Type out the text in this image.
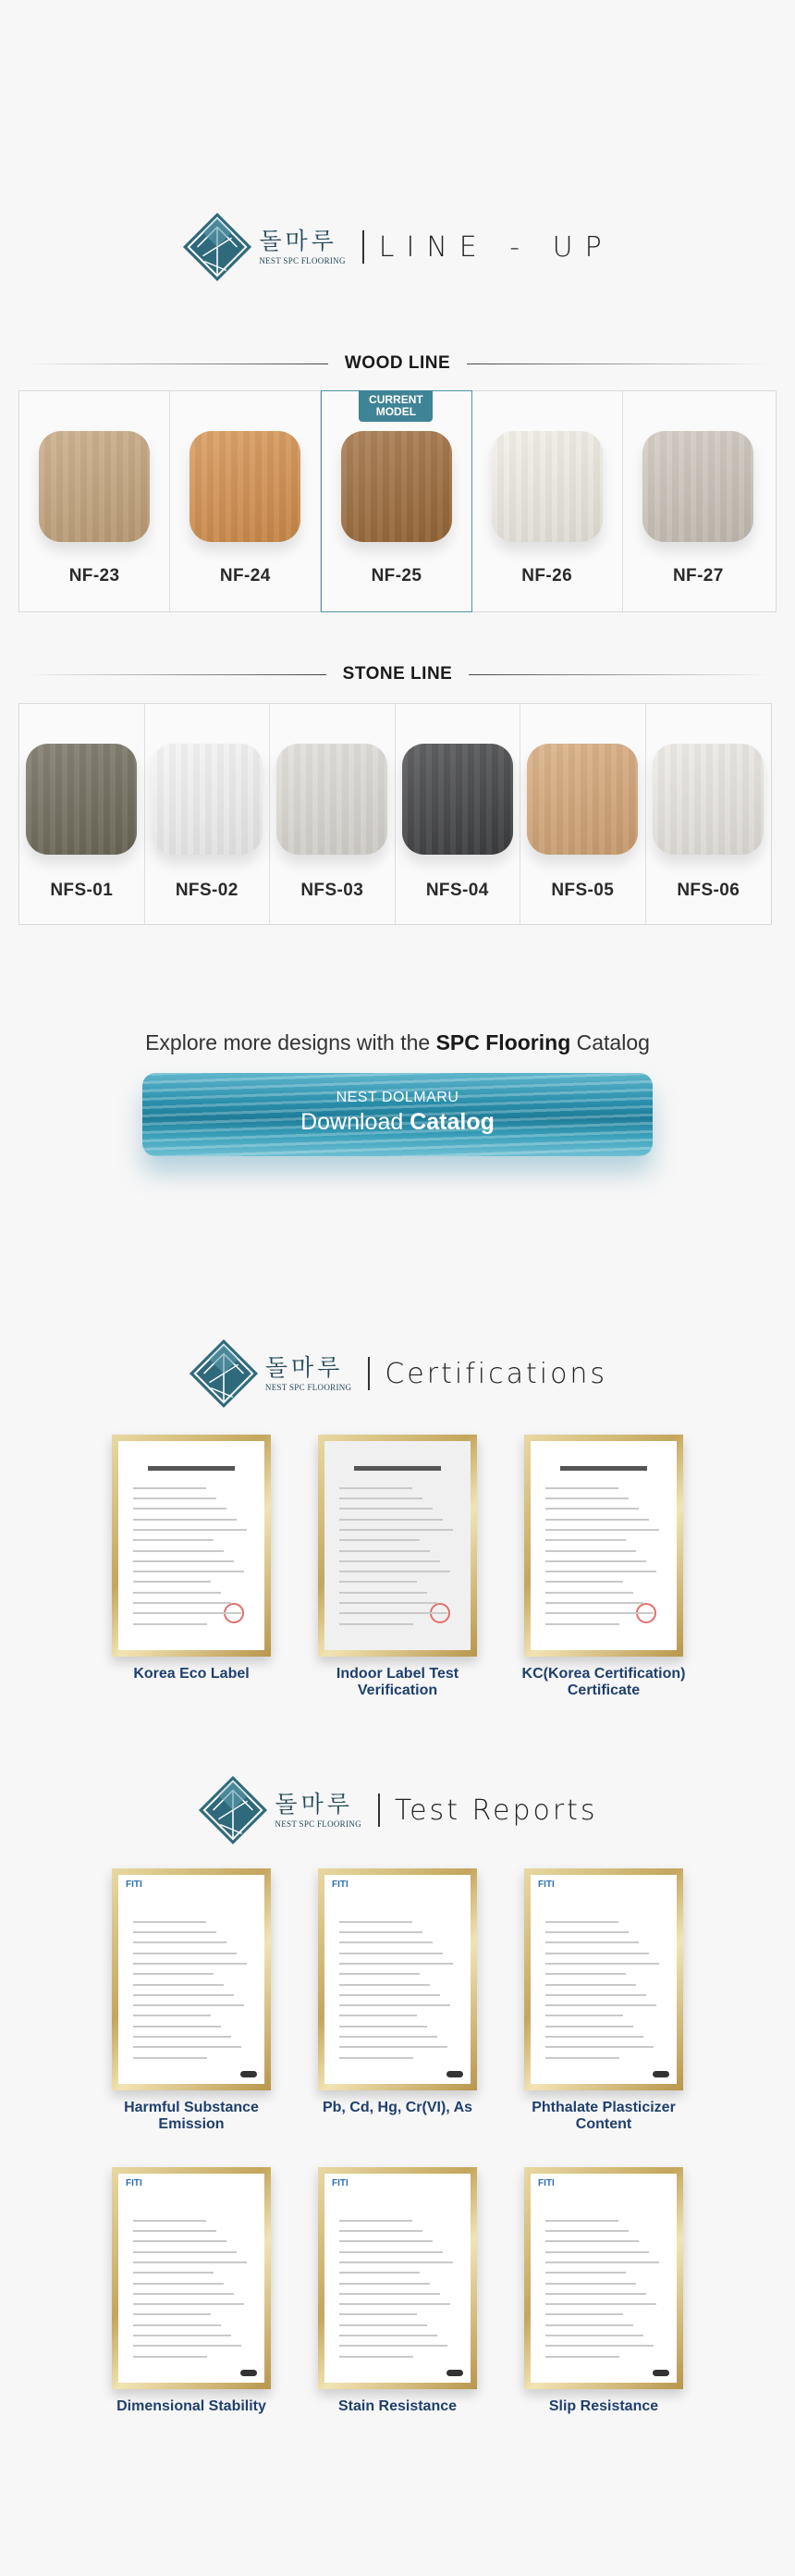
돌마루
NEST SPC FLOORING LINE - UP
WOOD LINE
NF-23	NF-24
CURRENT MODEL
NF-25	NF-26	NF-27
STONE LINE
NFS-01	NFS-02	NFS-03	NFS-04	NFS-05	NFS-06
Explore more designs with the SPC Flooring Catalog
NEST DOLMARU
Download Catalog
돌마루
NEST SPC FLOORING Certifications
Korea Eco Label	Indoor Label Test Verification
KC(Korea Certification) Certificate
돌마루
NEST SPC FLOORING Test Reports
FITI
Harmful Substance Emission
FITI
Pb, Cd, Hg, Cr(VI), As
FITI
Phthalate Plasticizer Content
FITI
Dimensional Stability
FITI
Stain Resistance
FITI
Slip Resistance
